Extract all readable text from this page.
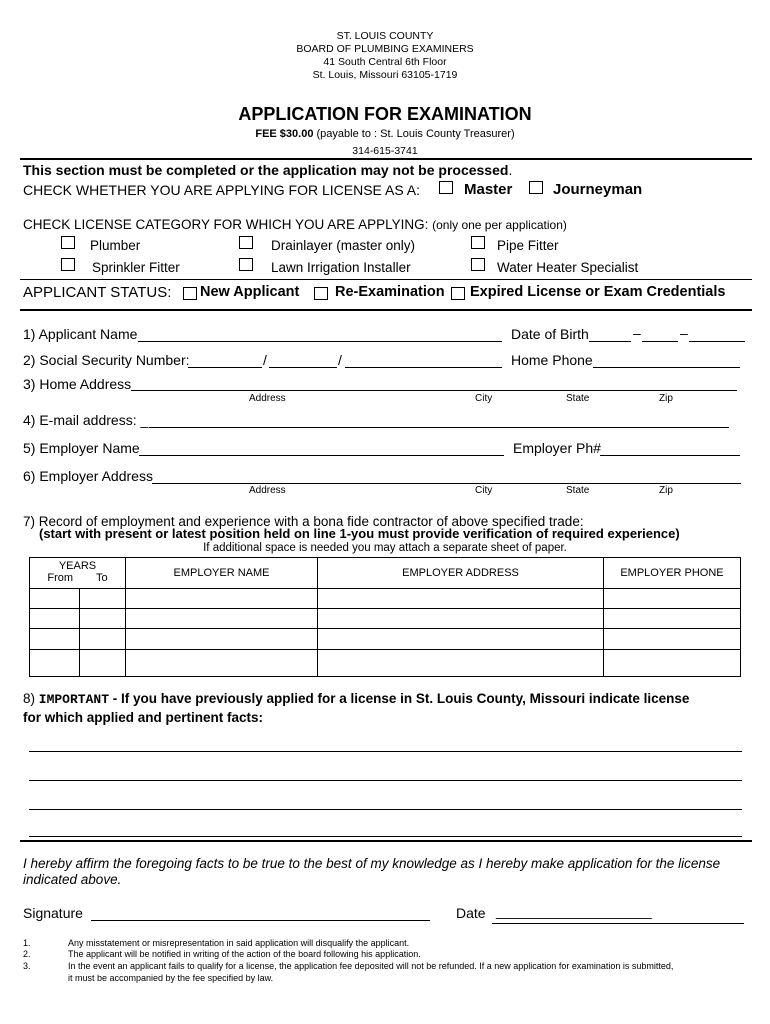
ST. LOUIS COUNTY
BOARD OF PLUMBING EXAMINERS
41 South Central 6th Floor
St. Louis, Missouri 63105-1719
APPLICATION FOR EXAMINATION
FEE $30.00 (payable to : St. Louis County Treasurer)
314-615-3741
This section must be completed or the application may not be processed.
CHECK WHETHER YOU ARE APPLYING FOR LICENSE AS A:	Master	Journeyman
CHECK LICENSE CATEGORY FOR WHICH YOU ARE APPLYING: (only one per application)
Plumber	Drainlayer (master only)	Pipe Fitter
Sprinkler Fitter	Lawn Irrigation Installer	Water Heater Specialist
APPLICANT STATUS: New Applicant Re-Examination Expired License or Exam Credentials
1) Applicant Name	Date of Birth	–	–
2) Social Security Number:	/	/	Home Phone
3) Home Address
Address	City	State	Zip
4) E-mail address: _
5) Employer Name	Employer Ph#
6) Employer Address
Address	City	State	Zip
7) Record of employment and experience with a bona fide contractor of above specified trade:
(start with present or latest position held on line 1-you must provide verification of required experience)
If additional space is needed you may attach a separate sheet of paper.
YEARS
From To		EMPLOYER NAME	EMPLOYER ADDRESS	EMPLOYER PHONE

8) IMPORTANT - If you have previously applied for a license in St. Louis County, Missouri indicate license
for which applied and pertinent facts:
I hereby affirm the foregoing facts to be true to the best of my knowledge as I hereby make application for the license indicated above.
Signature	Date ____________________
1.	Any misstatement or misrepresentation in said application will disqualify the applicant.
2.	The applicant will be notified in writing of the action of the board following his application.
3.	In the event an applicant fails to qualify for a license, the application fee deposited will not be refunded. If a new application for examination is submitted,
it must be accompanied by the fee specified by law.
